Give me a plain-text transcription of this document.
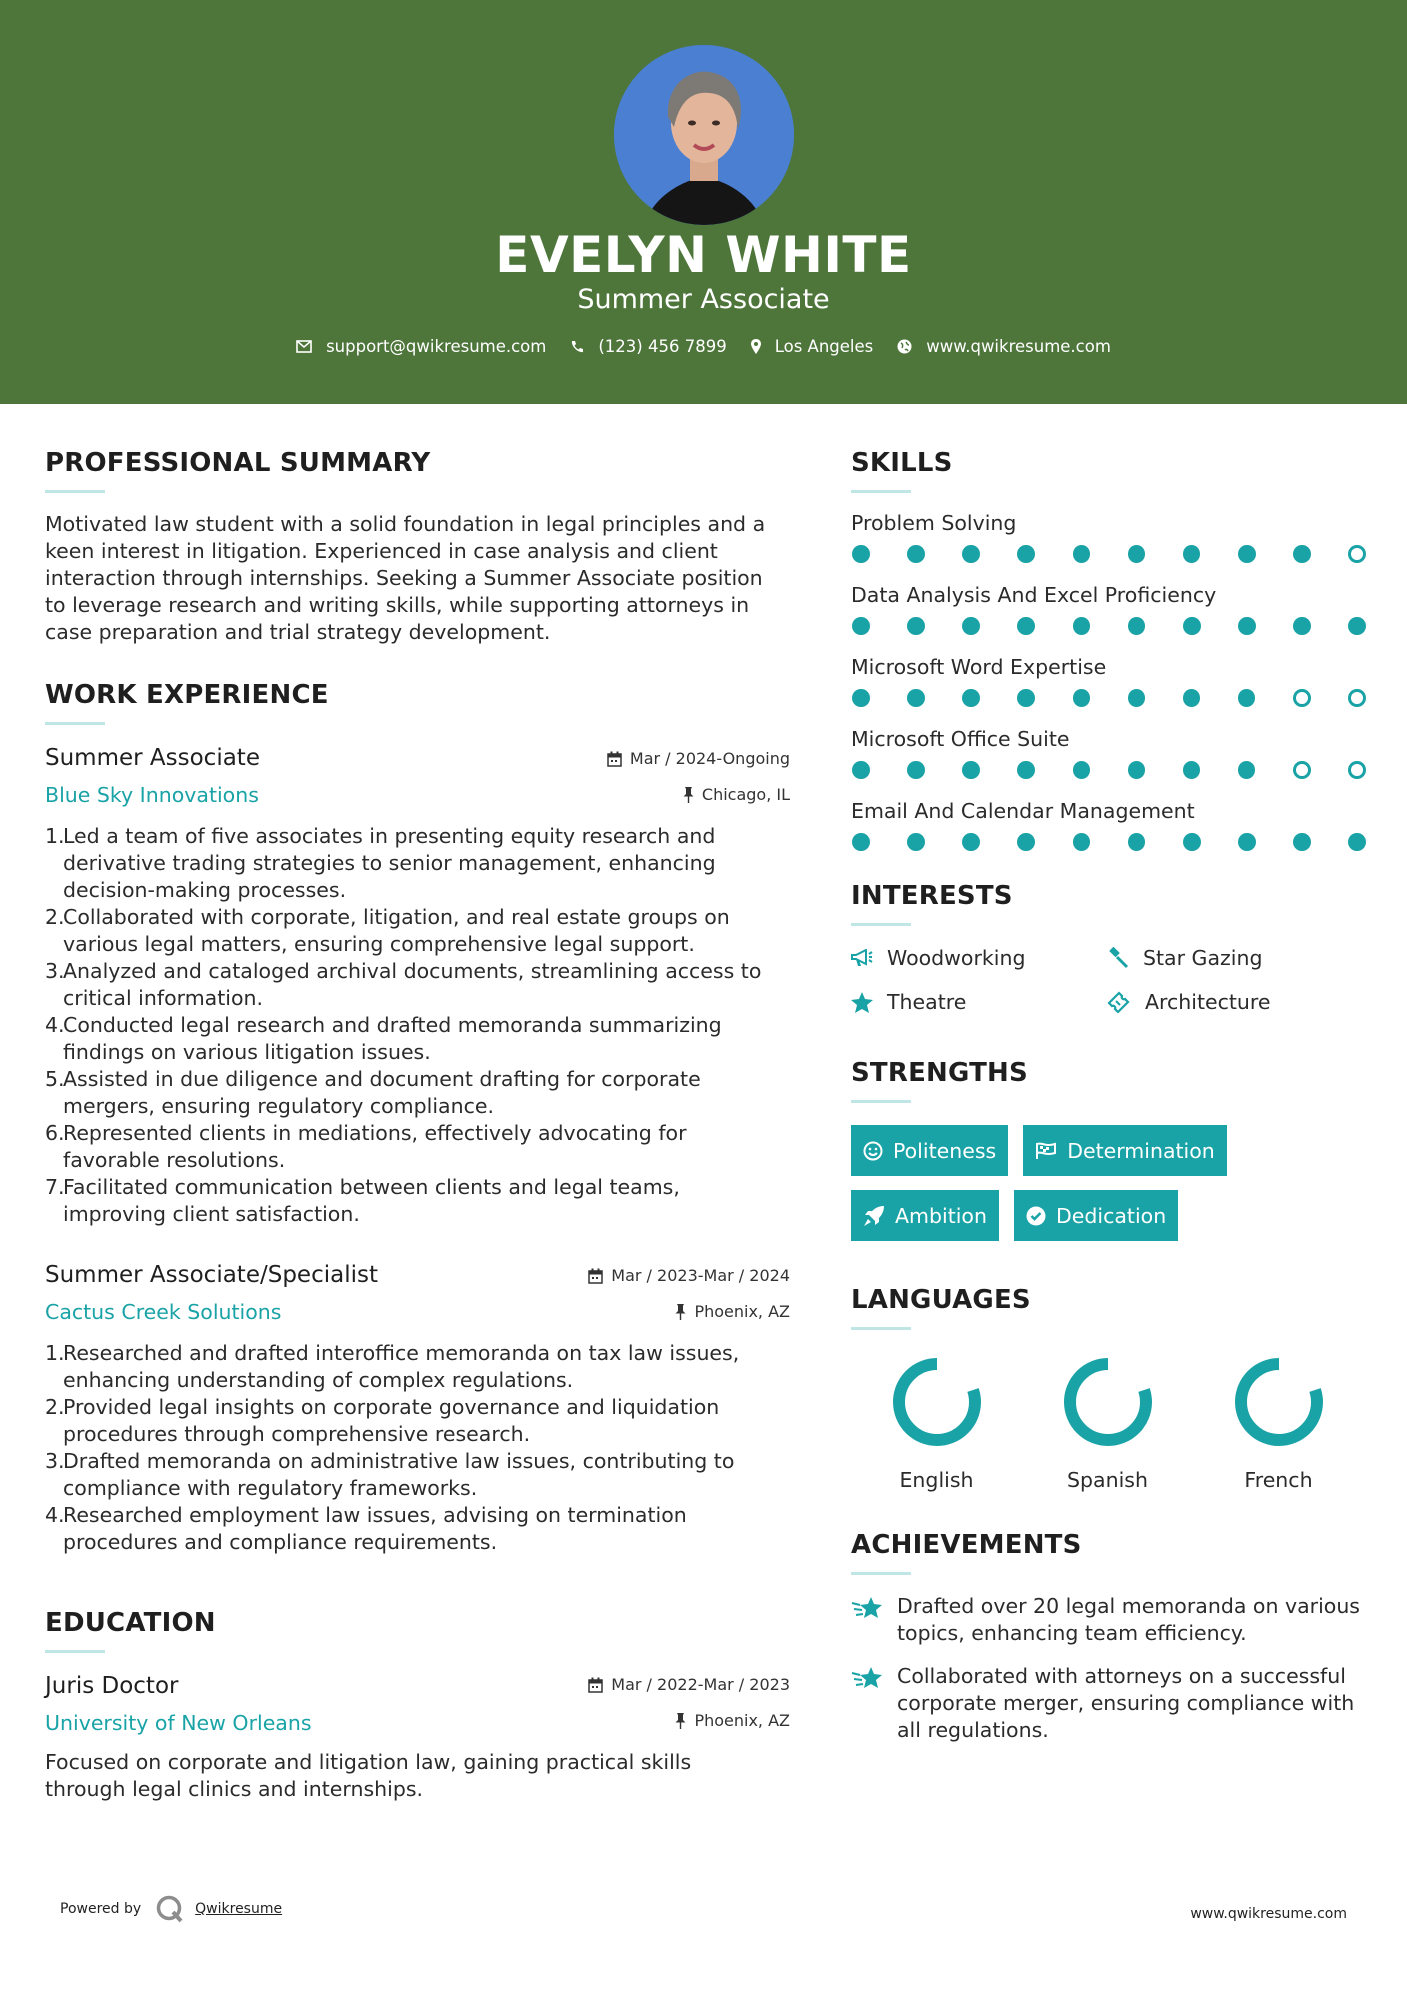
EVELYN WHITE
Summer Associate
support@qwikresume.com	(123) 456 7899	Los Angeles	www.qwikresume.com
PROFESSIONAL SUMMARY
Motivated law student with a solid foundation in legal principles and a
keen interest in litigation. Experienced in case analysis and client
interaction through internships. Seeking a Summer Associate position
to leverage research and writing skills, while supporting attorneys in
case preparation and trial strategy development.
WORK EXPERIENCE
Mar / 2024-Ongoing
Chicago, IL
Summer Associate
Blue Sky Innovations
Led a team of five associates in presenting equity research and derivative trading strategies to senior management, enhancing decision-making processes.
Collaborated with corporate, litigation, and real estate groups on various legal matters, ensuring comprehensive legal support.
Analyzed and cataloged archival documents, streamlining access to critical information.
Conducted legal research and drafted memoranda summarizing findings on various litigation issues.
Assisted in due diligence and document drafting for corporate mergers, ensuring regulatory compliance.
Represented clients in mediations, effectively advocating for favorable resolutions.
Facilitated communication between clients and legal teams, improving client satisfaction.
Mar / 2023-Mar / 2024
Phoenix, AZ
Summer Associate/Specialist
Cactus Creek Solutions
Researched and drafted interoffice memoranda on tax law issues, enhancing understanding of complex regulations.
Provided legal insights on corporate governance and liquidation procedures through comprehensive research.
Drafted memoranda on administrative law issues, contributing to compliance with regulatory frameworks.
Researched employment law issues, advising on termination procedures and compliance requirements.
EDUCATION
Mar / 2022-Mar / 2023
Phoenix, AZ
Juris Doctor
University of New Orleans
Focused on corporate and litigation law, gaining practical skills through legal clinics and internships.
SKILLS
Problem Solving
Data Analysis And Excel Proficiency
Microsoft Word Expertise
Microsoft Office Suite
Email And Calendar Management
INTERESTS
Woodworking	Star Gazing
Theatre	Architecture
STRENGTHS
Politeness	Determination
Ambition	Dedication
LANGUAGES
English	Spanish	French
ACHIEVEMENTS
Drafted over 20 legal memoranda on various topics, enhancing team efficiency.
Collaborated with attorneys on a successful corporate merger, ensuring compliance with all regulations.
Powered by	Qwikresume	www.qwikresume.com
